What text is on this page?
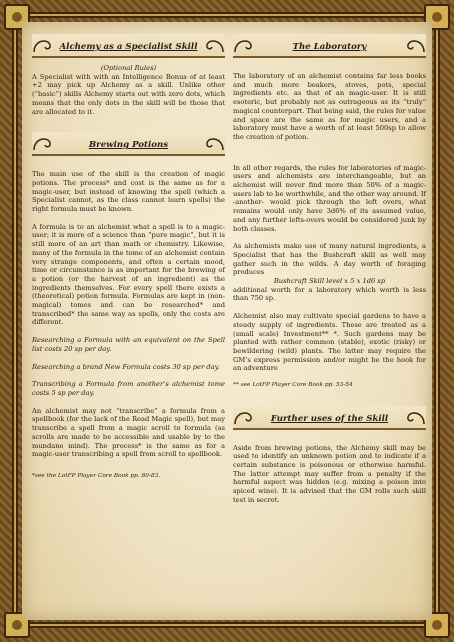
Alchemy as a Specialist Skill

(Optional Rules)

A Specialist with with an Intelligence Bonus of at least +2 may pick up Alchemy as a skill. Unlike other (“basic”) skills Alchemy starts out with zero dots, which means that the only dots in the skill will be those that are allocated to it.

Brewing Potions

The main use of the skill is the creation of magic potions. The process* and cost is the same as for a magic-user, but instead of knowing the spell (which a Specialist cannot, as the class cannot learn spells) the right formula must be known.

A formula is to an alchemist what a spell is to a magic-user; it is more of a science than “pure magic”, but it is still more of an art than math or chemistry. Likewise, many of the formula in the tome of an alchemist contain very strange components, and often a certain mood, time or circumstance is as important for the brewing of a potion (or the harvest of an ingredient) as the ingredients themselves. For every spell there exists a (theoretical) potion formula. Formulas are kept in (non-magical) tomes and can be researched* and transcribed* the same way as spells, only the costs are different.

Researching a Formula with an equivalent on the Spell list costs 20 sp per day.

Researching a brand New Formula costs 30 sp per day.

Transcribing a Formula from another’s alchemist tome costs 5 sp per day.

An alchemist may not “transcribe” a formula from a spellbook (for the lack of the Read Magic spell), but may transcribe a spell from a magic scroll to formula (as scrolls are made to be accessible and usable by to the mundane mind). The process* is the same as for a magic-user transcribing a spell from scroll to spellbook.

*see the LotFP Player Core Book pp. 80-83.

The Laboratory

The laboratory of an alchemist contains far less books and much more beakers, stoves, pots, special ingredients etc. as that of an magic-user. It is still esoteric, but probably not as outrageous as its “truly” magical counterpart. That being said, the rules for value and space are the same as for magic users, and a laboratory must have a worth of at least 500sp to allow the creation of potion.

In all other regards, the rules for laboratories of magic-users and alchemists are interchangeable, but an alchemist will never find more than 50% of a magic-users lab to be worthwhile, and the other way around. If -another- would pick through the left overs, what remains would only have 3d6% of its assumed value, and any further lefts-overs would be considered junk by both classes.

As alchemists make use of many natural ingredients, a Specialist that has the Bushcraft skill as well may gather such in the wilds. A day worth of foraging produces

Bushcraft Skill level x 5 x 1d6 sp

additional worth for a laboratory which worth is less than 750 sp.

Alchemist also may cultivate special gardens to have a steady supply of ingredients. These are treated as a (small scale) Investment** *. Such gardens may be planted with rather common (stable), exotic (risky) or bewildering (wild) plants. The latter may require the GM’s express permission and/or might be the hook for an adventure

** see LotFP Player Core Book pp. 53-54

Further uses of the Skill

Aside from brewing potions, the Alchemy skill may be used to identify an unknown potion and to indicate if a certain substance is poisonous or otherwise harmful. The latter attempt may suffer from a penalty if the harmful aspect was hidden (e.g. mixing a poison into spiced wine). It is advised that the GM rolls such skill test in secret.
